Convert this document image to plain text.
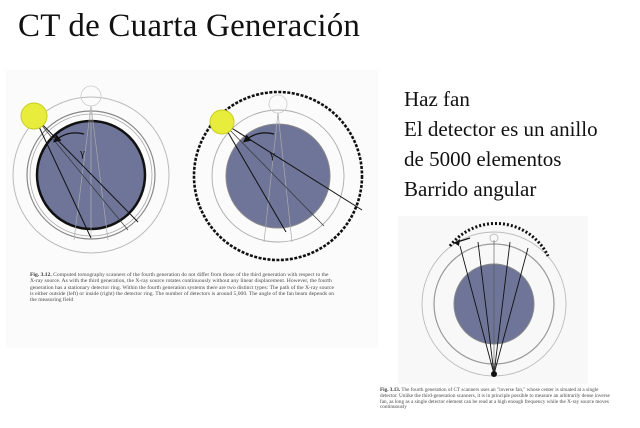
CT de Cuarta Generación
γ	γ
Fig. 3.12. Computed tomography scanners of the fourth generation do not differ from those of the third generation with respect to the X-ray source. As with the third generation, the X-ray source rotates continuously without any linear displacement. However, the fourth generation has a stationary detector ring. Within the fourth generation systems there are two distinct types: The path of the X-ray source is either outside (left) or inside (right) the detector ring. The number of detectors is around 5,000. The angle of the fan beam depends on the measuring field
Haz fan
El detector es un anillo
de 5000 elementos
Barrido angular
Fig. 3.13. The fourth generation of CT scanners uses an "inverse fan," whose center is situated at a single detector. Unlike the third-generation scanners, it is in principle possible to measure an arbitrarily dense inverse fan, as long as a single detector element can be read at a high enough frequency while the X-ray source moves continuously
